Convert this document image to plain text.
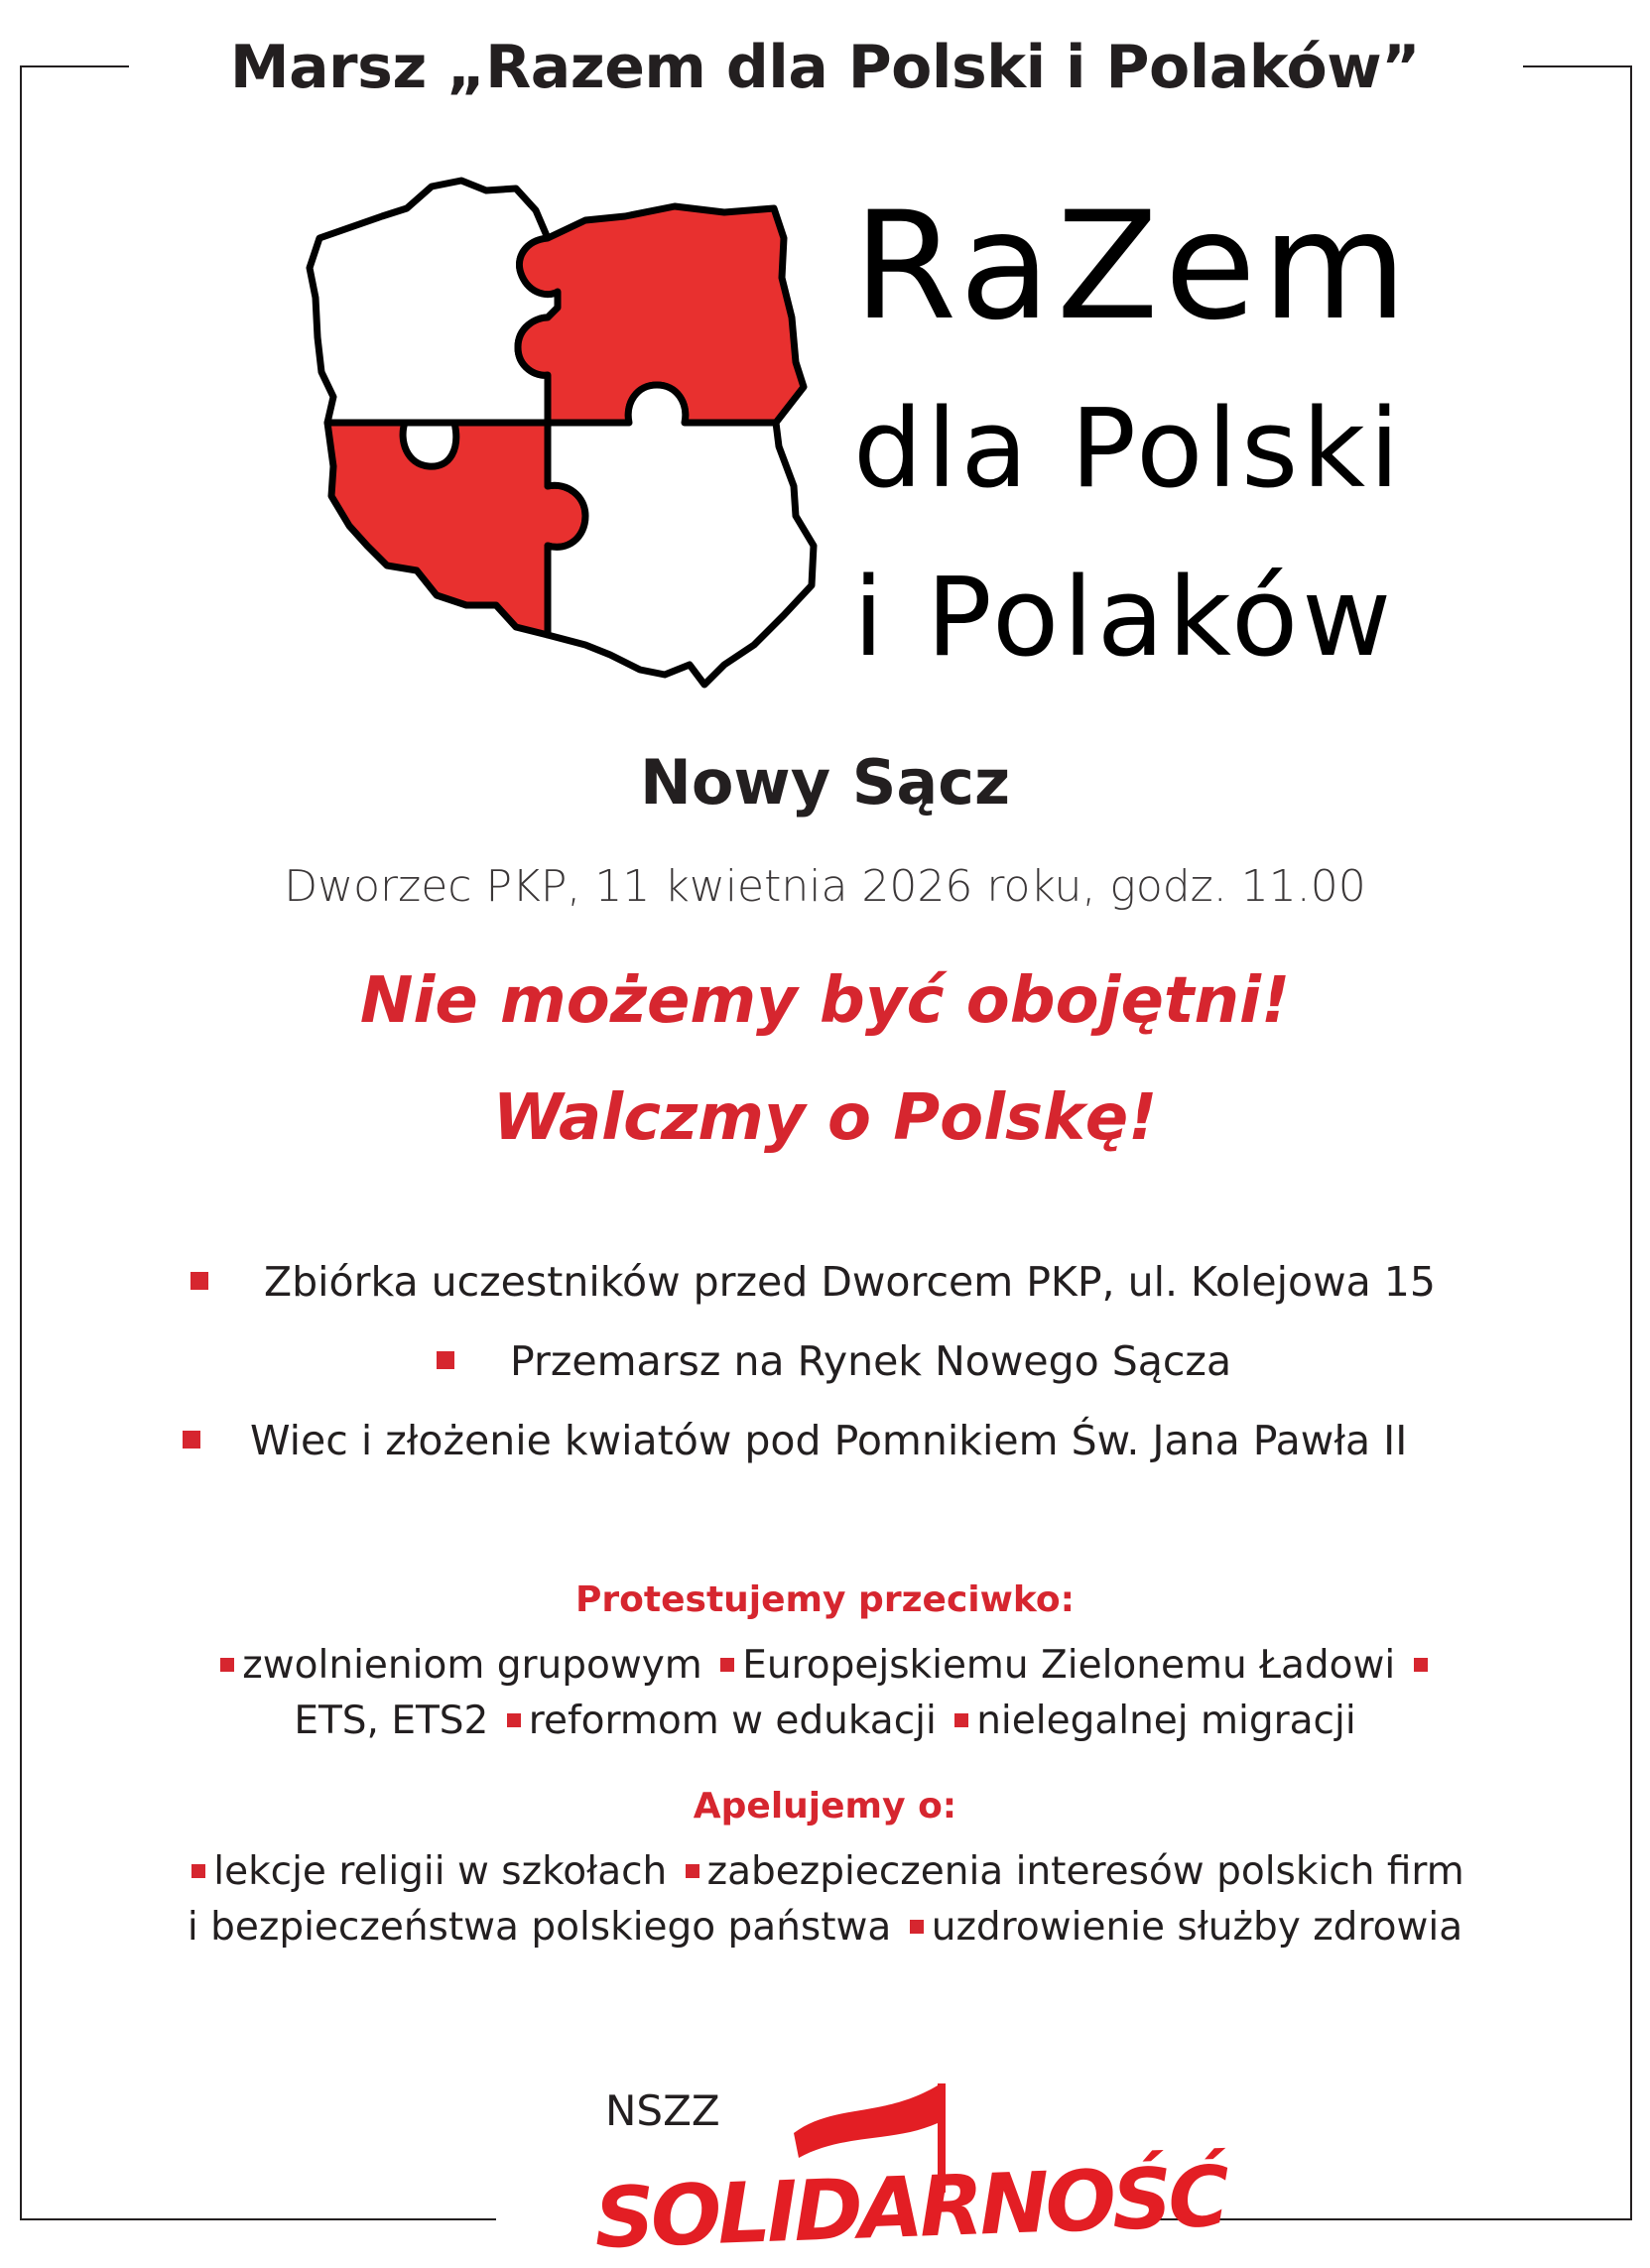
Marsz „Razem dla Polski i Polaków”
RaZem
dla Polski
i Polaków
Nowy Sącz
Dworzec PKP, 11 kwietnia 2026 roku, godz. 11.00
Nie możemy być obojętni!
Walczmy o Polskę!
Zbiórka uczestników przed Dworcem PKP, ul. Kolejowa 15
Przemarsz na Rynek Nowego Sącza
Wiec i złożenie kwiatów pod Pomnikiem Św. Jana Pawła II
Protestujemy przeciwko:
zwolnieniom grupowym Europejskiemu Zielonemu Ładowi
ETS, ETS2 reformom w edukacji nielegalnej migracji
Apelujemy o:
lekcje religii w szkołach zabezpieczenia interesów polskich firm
i bezpieczeństwa polskiego państwa uzdrowienie służby zdrowia
NSZZ
SOLIDARNOŚĆ
